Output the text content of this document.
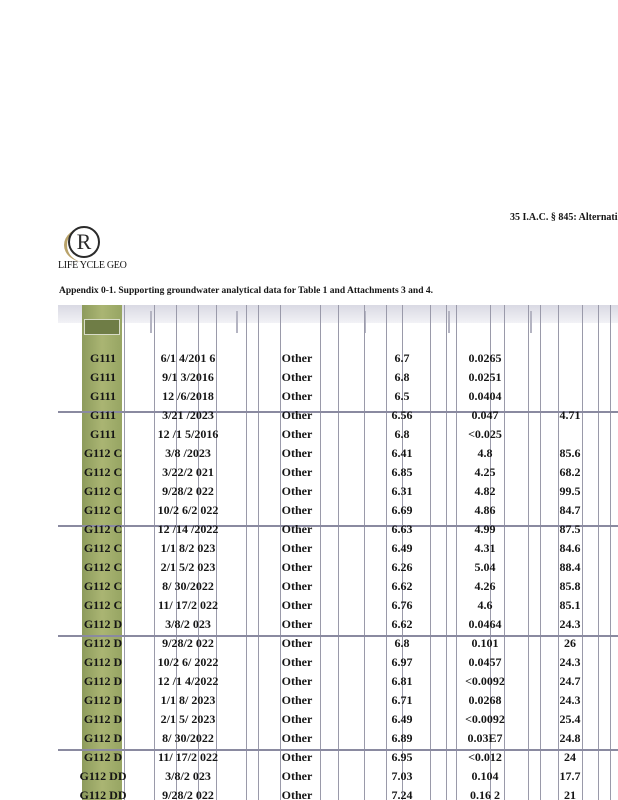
35 I.A.C. § 845: Alternati
R
LIFE YCLE GEO
Appendix 0-1. Supporting groundwater analytical data for Table 1 and Attachments 3 and 4.
G111	6/1 4/201 6	Other	6.7	0.0265
G111	9/1 3/2016	Other	6.8	0.0251
G111	12 /6/2018	Other	6.5	0.0404
G111	3/21 /2023	Other	6.56	0.047	4.71
G111	12 /1 5/2016	Other	6.8	<0.025
G112 C	3/8 /2023	Other	6.41	4.8	85.6
G112 C	3/22/2 021	Other	6.85	4.25	68.2
G112 C	9/28/2 022	Other	6.31	4.82	99.5
G112 C	10/2 6/2 022	Other	6.69	4.86	84.7
G112 C	12 /14 /2022	Other	6.63	4.99	87.5
G112 C	1/1 8/2 023	Other	6.49	4.31	84.6
G112 C	2/1 5/2 023	Other	6.26	5.04	88.4
G112 C	8/ 30/2022	Other	6.62	4.26	85.8
G112 C	11/ 17/2 022	Other	6.76	4.6	85.1
G112 D	3/8/2 023	Other	6.62	0.0464	24.3
G112 D	9/28/2 022	Other	6.8	0.101	26
G112 D	10/2 6/ 2022	Other	6.97	0.0457	24.3
G112 D	12 /1 4/2022	Other	6.81	<0.0092	24.7
G112 D	1/1 8/ 2023	Other	6.71	0.0268	24.3
G112 D	2/1 5/ 2023	Other	6.49	<0.0092	25.4
G112 D	8/ 30/2022	Other	6.89	0.03E7	24.8
G112 D	11/ 17/2 022	Other	6.95	<0.012	24
G112 DD	3/8/2 023	Other	7.03	0.104	17.7
G112 DD	9/28/2 022	Other	7.24	0.16 2	21
